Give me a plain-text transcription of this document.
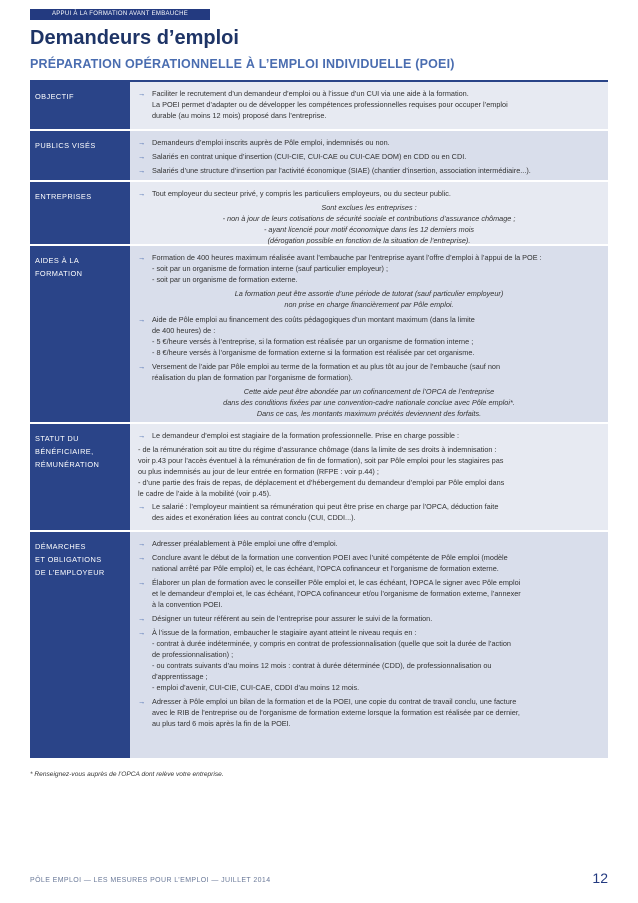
APPUI À LA FORMATION AVANT EMBAUCHE
Demandeurs d’emploi
PRÉPARATION OPÉRATIONNELLE À L’EMPLOI INDIVIDUELLE (POEI)
OBJECTIF	→ Faciliter le recrutement d’un demandeur d’emploi ou à l’issue d’un CUI via une aide à la formation.
La POEI permet d’adapter ou de développer les compétences professionnelles requises pour occuper l’emploi
durable (au moins 12 mois) proposé dans l’entreprise.
PUBLICS VISÉS	→ Demandeurs d’emploi inscrits auprès de Pôle emploi, indemnisés ou non.
→ Salariés en contrat unique d’insertion (CUI-CIE, CUI-CAE ou CUI-CAE DOM) en CDD ou en CDI.
→ Salariés d’une structure d’insertion par l’activité économique (SIAE) (chantier d’insertion, association intermédiaire...).
ENTREPRISES	→ Tout employeur du secteur privé, y compris les particuliers employeurs, ou du secteur public.
Sont exclues les entreprises :
- non à jour de leurs cotisations de sécurité sociale et contributions d’assurance chômage ;
- ayant licencié pour motif économique dans les 12 derniers mois
(dérogation possible en fonction de la situation de l’entreprise).
AIDES À LA
FORMATION
→ Formation de 400 heures maximum réalisée avant l’embauche par l’entreprise ayant l’offre d’emploi à l’appui de la POE :
- soit par un organisme de formation interne (sauf particulier employeur) ;
- soit par un organisme de formation externe.
La formation peut être assortie d’une période de tutorat (sauf particulier employeur)
non prise en charge financièrement par Pôle emploi.
→ Aide de Pôle emploi au financement des coûts pédagogiques d’un montant maximum (dans la limite
de 400 heures) de :
- 5 €/heure versés à l’entreprise, si la formation est réalisée par un organisme de formation interne ;
- 8 €/heure versés à l’organisme de formation externe si la formation est réalisée par cet organisme.
→ Versement de l’aide par Pôle emploi au terme de la formation et au plus tôt au jour de l’embauche (sauf non
réalisation du plan de formation par l’organisme de formation).
Cette aide peut être abondée par un cofinancement de l’OPCA de l’entreprise
dans des conditions fixées par une convention-cadre nationale conclue avec Pôle emploi*.
Dans ce cas, les montants maximum précités deviennent des forfaits.
STATUT DU
BÉNÉFICIAIRE,
RÉMUNÉRATION
→ Le demandeur d’emploi est stagiaire de la formation professionnelle. Prise en charge possible :
- de la rémunération soit au titre du régime d’assurance chômage (dans la limite de ses droits à indemnisation :
voir p.43 pour l’accès éventuel à la rémunération de fin de formation), soit par Pôle emploi pour les stagiaires pas
ou plus indemnisés au jour de leur entrée en formation (RFPE : voir p.44) ;
- d’une partie des frais de repas, de déplacement et d’hébergement du demandeur d’emploi par Pôle emploi dans
le cadre de l’aide à la mobilité (voir p.45).
→ Le salarié : l’employeur maintient sa rémunération qui peut être prise en charge par l’OPCA, déduction faite
des aides et exonération liées au contrat conclu (CUI, CDDI...).
DÉMARCHES
ET OBLIGATIONS
DE L’EMPLOYEUR
→ Adresser préalablement à Pôle emploi une offre d’emploi.
→ Conclure avant le début de la formation une convention POEI avec l’unité compétente de Pôle emploi (modèle
national arrêté par Pôle emploi) et, le cas échéant, l’OPCA cofinanceur et l’organisme de formation externe.
→ Élaborer un plan de formation avec le conseiller Pôle emploi et, le cas échéant, l’OPCA le signer avec Pôle emploi
et le demandeur d’emploi et, le cas échéant, l’OPCA cofinanceur et/ou l’organisme de formation externe, l’annexer
à la convention POEI.
→ Désigner un tuteur référent au sein de l’entreprise pour assurer le suivi de la formation.
→ À l’issue de la formation, embaucher le stagiaire ayant atteint le niveau requis en :
- contrat à durée indéterminée, y compris en contrat de professionnalisation (quelle que soit la durée de l’action
de professionnalisation) ;
- ou contrats suivants d’au moins 12 mois : contrat à durée déterminée (CDD), de professionnalisation ou
d’apprentissage ;
- emploi d’avenir, CUI-CIE, CUI-CAE, CDDI d’au moins 12 mois.
→ Adresser à Pôle emploi un bilan de la formation et de la POEI, une copie du contrat de travail conclu, une facture
avec le RIB de l’entreprise ou de l’organisme de formation externe lorsque la formation est réalisée par ce dernier,
au plus tard 6 mois après la fin de la POEI.
* Renseignez-vous auprès de l’OPCA dont relève votre entreprise.
PÔLE EMPLOI — LES MESURES POUR L’EMPLOI — JUILLET 2014	12
